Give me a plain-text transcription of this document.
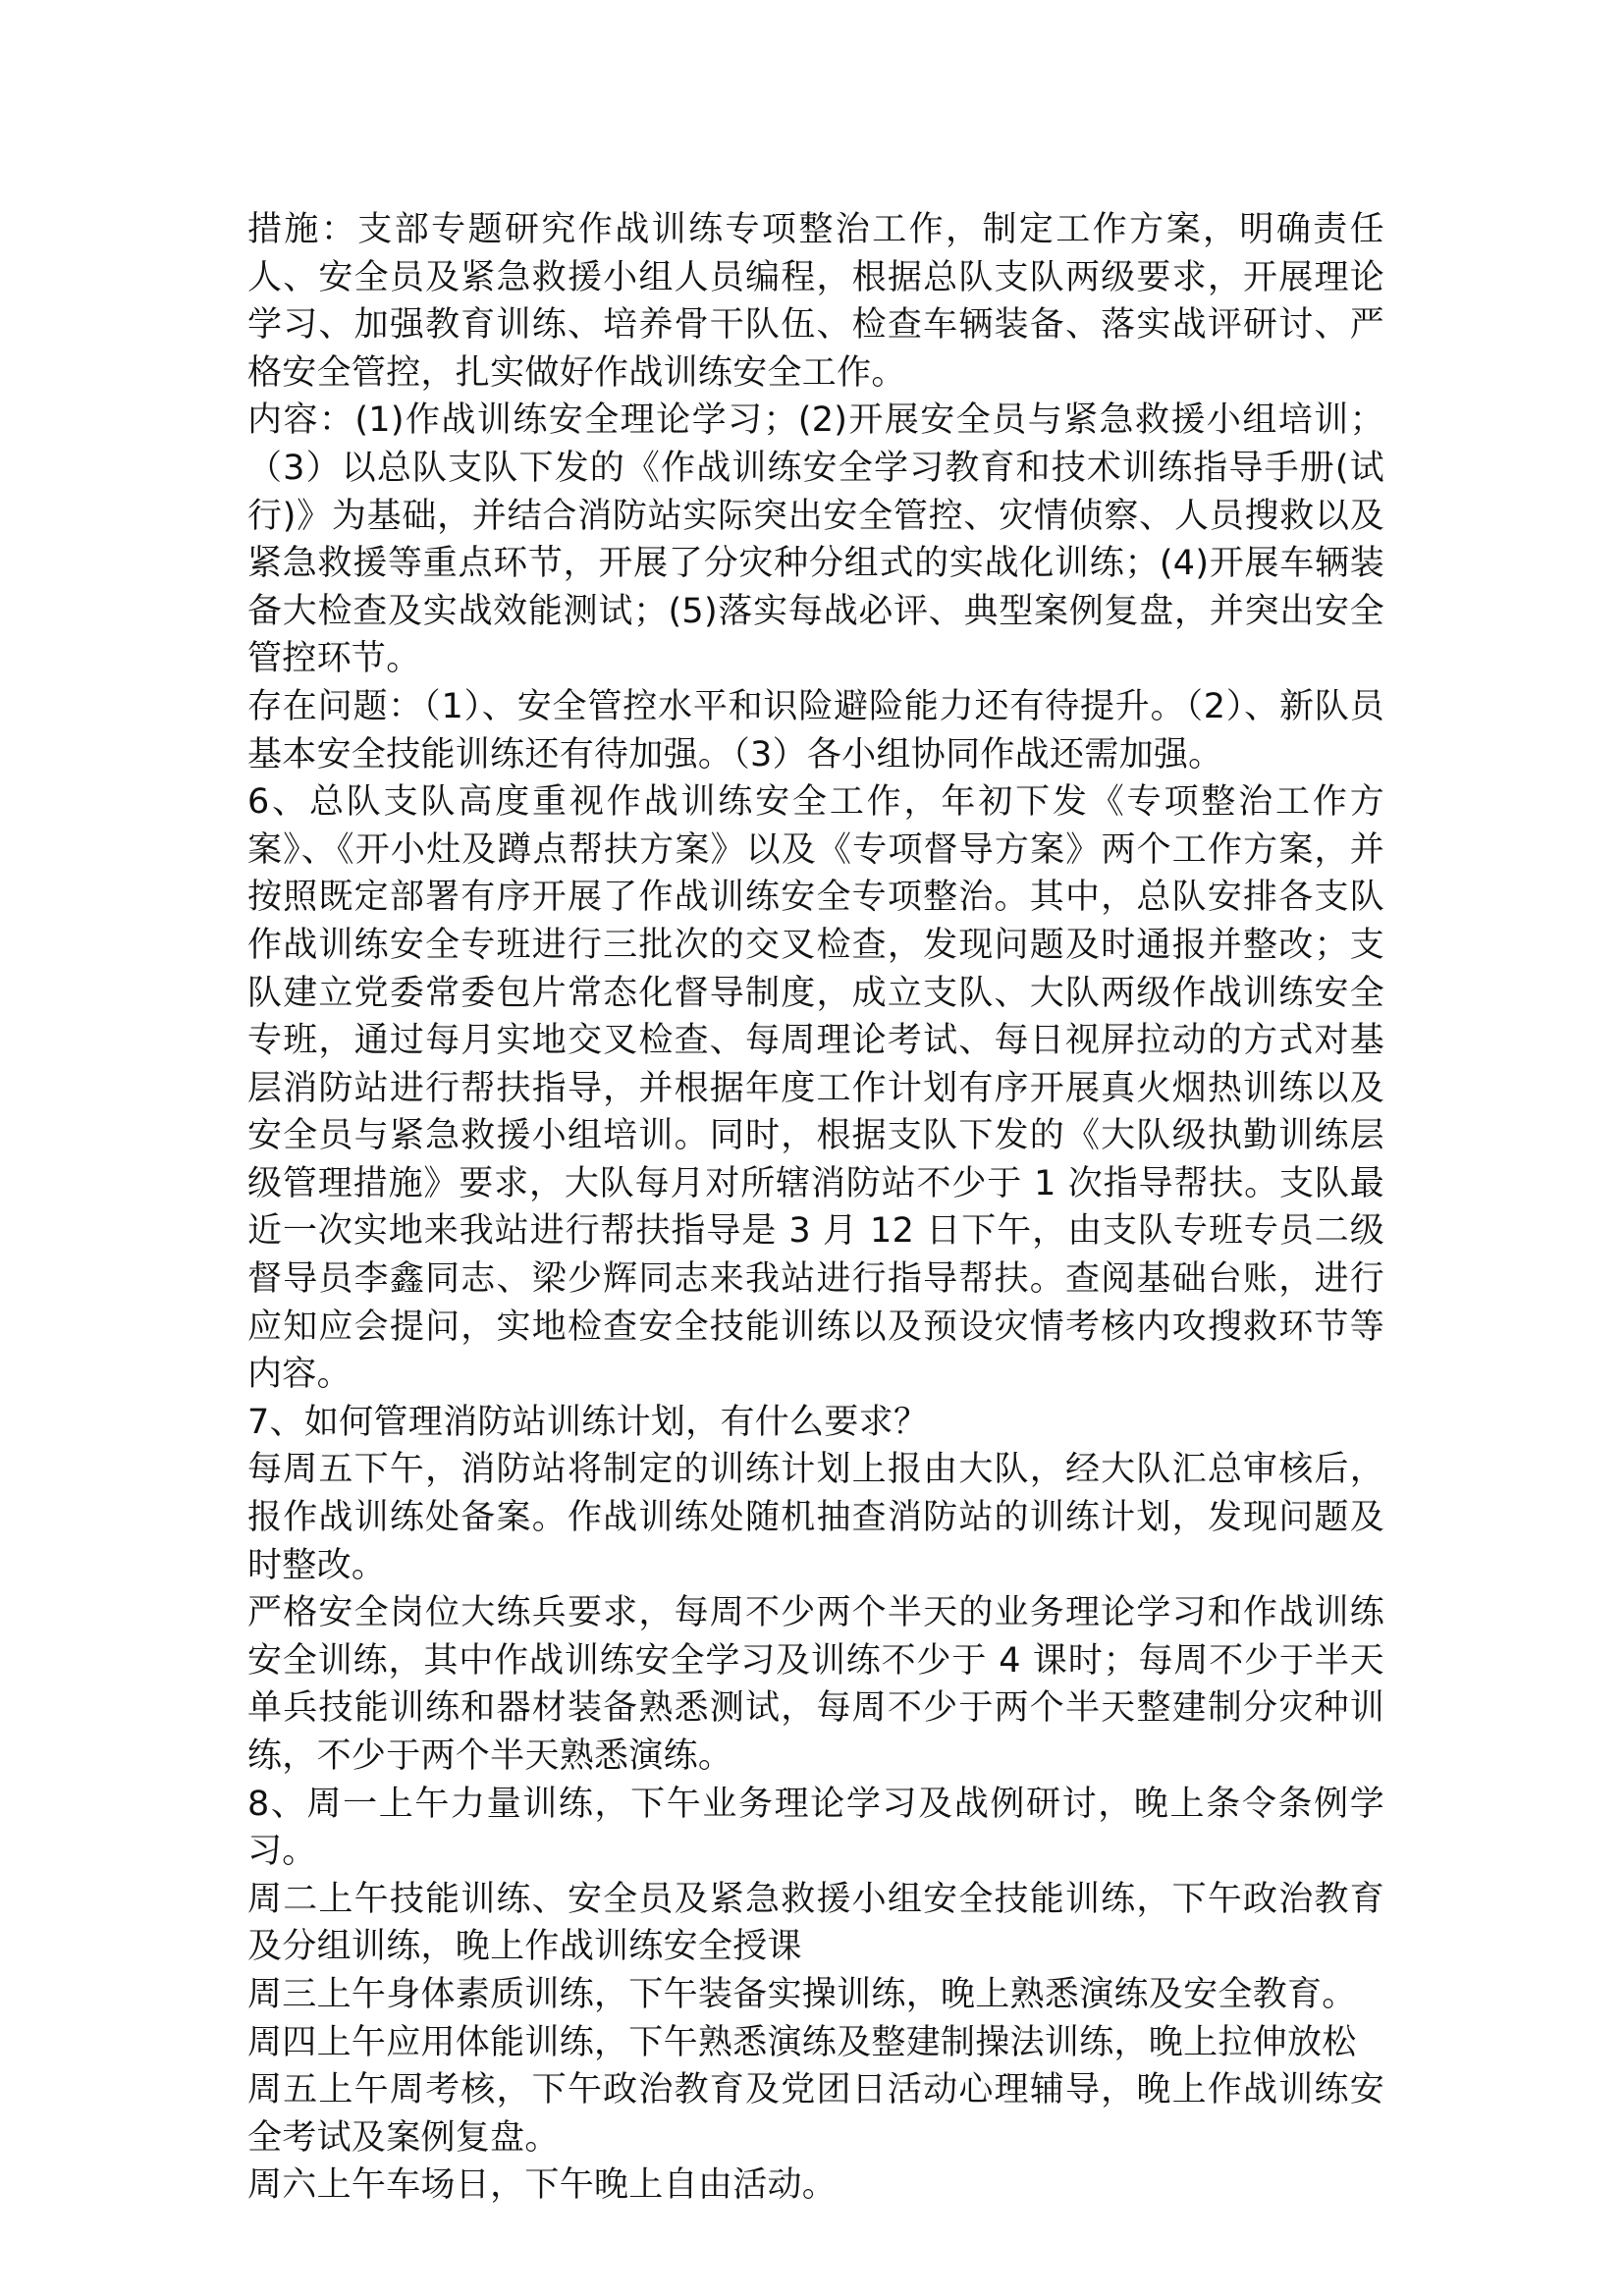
措施：支部专题研究作战训练专项整治工作，制定工作方案，明确责任人、安全员及紧急救援小组人员编程，根据总队支队两级要求，开展理论学习、加强教育训练、培养骨干队伍、检查车辆装备、落实战评研讨、严格安全管控，扎实做好作战训练安全工作。

内容：(1)作战训练安全理论学习；(2)开展安全员与紧急救援小组培训；（3）以总队支队下发的《作战训练安全学习教育和技术训练指导手册(试行)》为基础，并结合消防站实际突出安全管控、灾情侦察、人员搜救以及紧急救援等重点环节，开展了分灾种分组式的实战化训练；(4)开展车辆装备大检查及实战效能测试；(5)落实每战必评、典型案例复盘，并突出安全管控环节。

存在问题：（1）、安全管控水平和识险避险能力还有待提升。（2）、新队员基本安全技能训练还有待加强。（3）各小组协同作战还需加强。

6、总队支队高度重视作战训练安全工作，年初下发《专项整治工作方案》、《开小灶及蹲点帮扶方案》以及《专项督导方案》两个工作方案，并按照既定部署有序开展了作战训练安全专项整治。其中，总队安排各支队作战训练安全专班进行三批次的交叉检查，发现问题及时通报并整改；支队建立党委常委包片常态化督导制度，成立支队、大队两级作战训练安全专班，通过每月实地交叉检查、每周理论考试、每日视屏拉动的方式对基层消防站进行帮扶指导，并根据年度工作计划有序开展真火烟热训练以及安全员与紧急救援小组培训。同时，根据支队下发的《大队级执勤训练层级管理措施》要求，大队每月对所辖消防站不少于 1 次指导帮扶。支队最近一次实地来我站进行帮扶指导是 3 月 12 日下午，由支队专班专员二级督导员李鑫同志、梁少辉同志来我站进行指导帮扶。查阅基础台账，进行应知应会提问，实地检查安全技能训练以及预设灾情考核内攻搜救环节等内容。

7、如何管理消防站训练计划，有什么要求？

每周五下午，消防站将制定的训练计划上报由大队，经大队汇总审核后，报作战训练处备案。作战训练处随机抽查消防站的训练计划，发现问题及时整改。

严格安全岗位大练兵要求，每周不少两个半天的业务理论学习和作战训练安全训练，其中作战训练安全学习及训练不少于 4 课时；每周不少于半天单兵技能训练和器材装备熟悉测试，每周不少于两个半天整建制分灾种训练，不少于两个半天熟悉演练。

8、周一上午力量训练，下午业务理论学习及战例研讨，晚上条令条例学习。

周二上午技能训练、安全员及紧急救援小组安全技能训练，下午政治教育及分组训练，晚上作战训练安全授课

周三上午身体素质训练，下午装备实操训练，晚上熟悉演练及安全教育。

周四上午应用体能训练，下午熟悉演练及整建制操法训练，晚上拉伸放松

周五上午周考核，下午政治教育及党团日活动心理辅导，晚上作战训练安全考试及案例复盘。

周六上午车场日，下午晚上自由活动。
